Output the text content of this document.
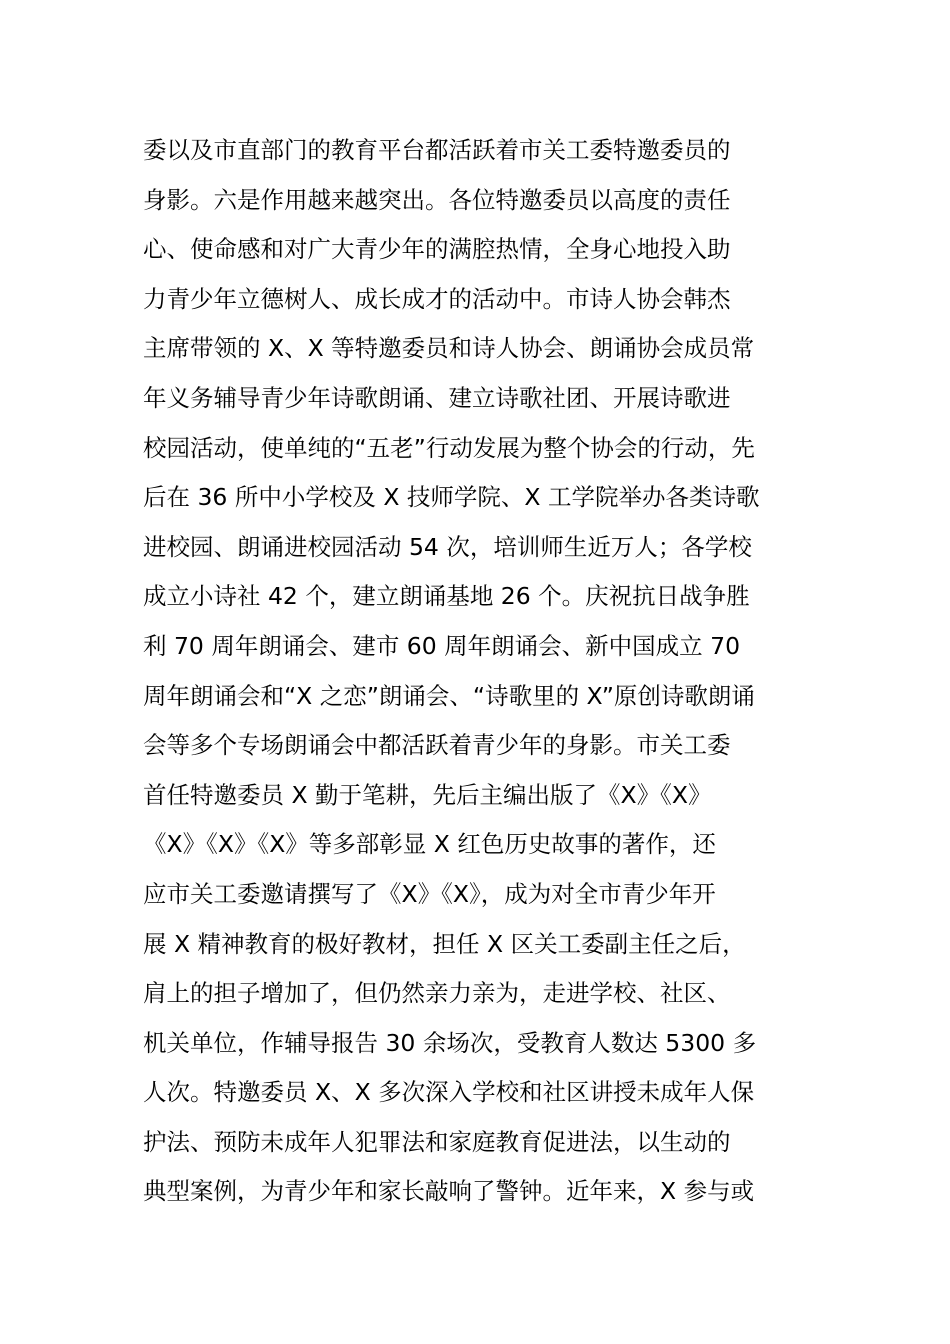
委以及市直部门的教育平台都活跃着市关工委特邀委员的
身影。六是作用越来越突出。各位特邀委员以高度的责任
心、使命感和对广大青少年的满腔热情，全身心地投入助
力青少年立德树人、成长成才的活动中。市诗人协会韩杰
主席带领的 X、X 等特邀委员和诗人协会、朗诵协会成员常
年义务辅导青少年诗歌朗诵、建立诗歌社团、开展诗歌进
校园活动，使单纯的“五老”行动发展为整个协会的行动，先
后在 36 所中小学校及 X 技师学院、X 工学院举办各类诗歌
进校园、朗诵进校园活动 54 次，培训师生近万人；各学校
成立小诗社 42 个，建立朗诵基地 26 个。庆祝抗日战争胜
利 70 周年朗诵会、建市 60 周年朗诵会、新中国成立 70
周年朗诵会和“X 之恋”朗诵会、“诗歌里的 X”原创诗歌朗诵
会等多个专场朗诵会中都活跃着青少年的身影。市关工委
首任特邀委员 X 勤于笔耕，先后主编出版了《X》《X》
《X》《X》《X》等多部彰显 X 红色历史故事的著作，还
应市关工委邀请撰写了《X》《X》，成为对全市青少年开
展 X 精神教育的极好教材，担任 X 区关工委副主任之后，
肩上的担子增加了，但仍然亲力亲为，走进学校、社区、
机关单位，作辅导报告 30 余场次，受教育人数达 5300 多
人次。特邀委员 X、X 多次深入学校和社区讲授未成年人保
护法、预防未成年人犯罪法和家庭教育促进法，以生动的
典型案例，为青少年和家长敲响了警钟。近年来，X 参与或
